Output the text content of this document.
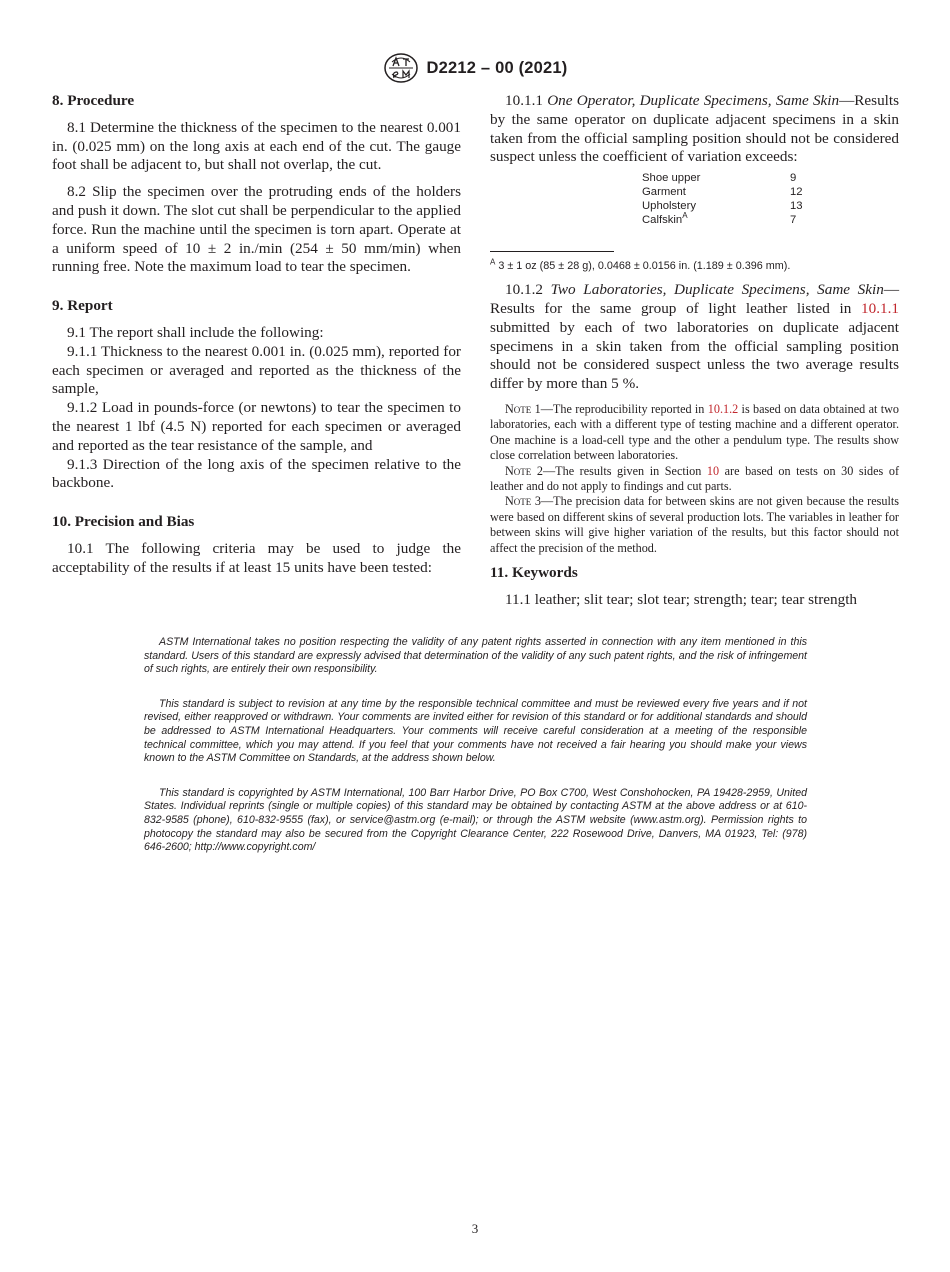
D2212 – 00 (2021)
8. Procedure

8.1 Determine the thickness of the specimen to the nearest 0.001 in. (0.025 mm) on the long axis at each end of the cut. The gauge foot shall be adjacent to, but shall not overlap, the cut.

8.2 Slip the specimen over the protruding ends of the holders and push it down. The slot cut shall be perpendicular to the applied force. Run the machine until the specimen is torn apart. Operate at a uniform speed of 10 ± 2 in./min (254 ± 50 mm/min) when running free. Note the maximum load to tear the specimen.

9. Report

9.1 The report shall include the following:

9.1.1 Thickness to the nearest 0.001 in. (0.025 mm), reported for each specimen or averaged and reported as the thickness of the sample,

9.1.2 Load in pounds-force (or newtons) to tear the specimen to the nearest 1 lbf (4.5 N) reported for each specimen or averaged and reported as the tear resistance of the sample, and

9.1.3 Direction of the long axis of the specimen relative to the backbone.

10. Precision and Bias

10.1 The following criteria may be used to judge the acceptability of the results if at least 15 units have been tested:

10.1.1 One Operator, Duplicate Specimens, Same Skin—Results by the same operator on duplicate adjacent specimens in a skin taken from the official sampling position should not be considered suspect unless the coefficient of variation exceeds:

Shoe upper	9
Garment	12
Upholstery	13
Calfskin$^A$	7

$^A$ 3 ± 1 oz (85 ± 28 g), 0.0468 ± 0.0156 in. (1.189 ± 0.396 mm).

10.1.2 Two Laboratories, Duplicate Specimens, Same Skin—Results for the same group of light leather listed in 10.1.1 submitted by each of two laboratories on duplicate adjacent specimens in a skin taken from the official sampling position should not be considered suspect unless the two average results differ by more than 5 %.

Note 1—The reproducibility reported in 10.1.2 is based on data obtained at two laboratories, each with a different type of testing machine and a different operator. One machine is a load-cell type and the other a pendulum type. The results show close correlation between laboratories.

Note 2—The results given in Section 10 are based on tests on 30 sides of leather and do not apply to findings and cut parts.

Note 3—The precision data for between skins are not given because the results were based on different skins of several production lots. The variables in leather for between skins will give higher variation of the results, but this factor should not affect the precision of the method.

11. Keywords

11.1 leather; slit tear; slot tear; strength; tear; tear strength

ASTM International takes no position respecting the validity of any patent rights asserted in connection with any item mentioned in this standard. Users of this standard are expressly advised that determination of the validity of any such patent rights, and the risk of infringement of such rights, are entirely their own responsibility.

This standard is subject to revision at any time by the responsible technical committee and must be reviewed every five years and if not revised, either reapproved or withdrawn. Your comments are invited either for revision of this standard or for additional standards and should be addressed to ASTM International Headquarters. Your comments will receive careful consideration at a meeting of the responsible technical committee, which you may attend. If you feel that your comments have not received a fair hearing you should make your views known to the ASTM Committee on Standards, at the address shown below.

This standard is copyrighted by ASTM International, 100 Barr Harbor Drive, PO Box C700, West Conshohocken, PA 19428-2959, United States. Individual reprints (single or multiple copies) of this standard may be obtained by contacting ASTM at the above address or at 610-832-9585 (phone), 610-832-9555 (fax), or service@astm.org (e-mail); or through the ASTM website (www.astm.org). Permission rights to photocopy the standard may also be secured from the Copyright Clearance Center, 222 Rosewood Drive, Danvers, MA 01923, Tel: (978) 646-2600; http://www.copyright.com/

3
